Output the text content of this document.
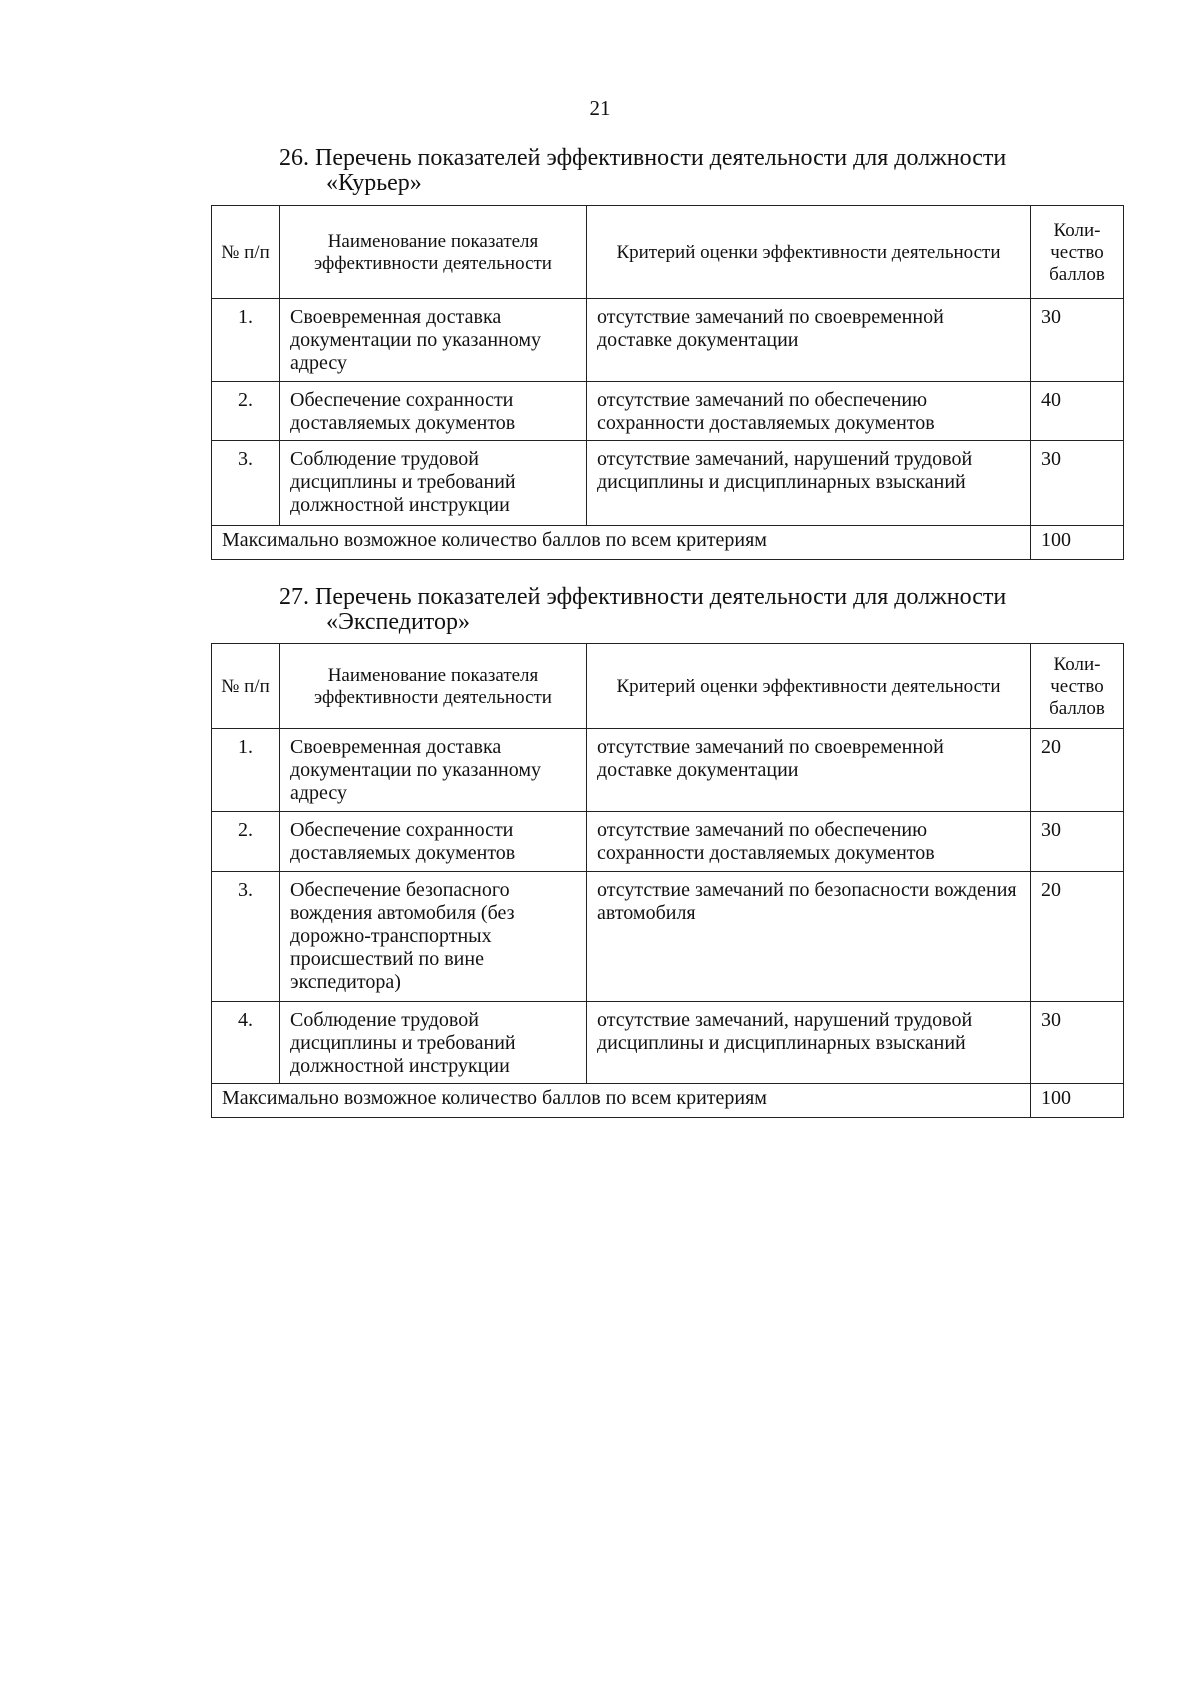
21
26. Перечень показателей эффективности деятельности для должности
«Курьер»
№ п/п	Наименование показателя эффективности деятельности	Критерий оценки эффективности деятельности	Коли-чество баллов
1.	Своевременная доставка документации по указанному адресу	отсутствие замечаний по своевременной доставке документации	30
2.	Обеспечение сохранности доставляемых документов	отсутствие замечаний по обеспечению сохранности доставляемых документов	40
3.	Соблюдение трудовой дисциплины и требований должностной инструкции	отсутствие замечаний, нарушений трудовой дисциплины и дисциплинарных взысканий	30
Максимально возможное количество баллов по всем критериям			100
27. Перечень показателей эффективности деятельности для должности
«Экспедитор»
№ п/п	Наименование показателя эффективности деятельности	Критерий оценки эффективности деятельности	Коли-чество баллов
1.	Своевременная доставка документации по указанному адресу	отсутствие замечаний по своевременной доставке документации	20
2.	Обеспечение сохранности доставляемых документов	отсутствие замечаний по обеспечению сохранности доставляемых документов	30
3.	Обеспечение безопасного вождения автомобиля (без дорожно-транспортных происшествий по вине экспедитора)	отсутствие замечаний по безопасности вождения автомобиля	20
4.	Соблюдение трудовой дисциплины и требований должностной инструкции	отсутствие замечаний, нарушений трудовой дисциплины и дисциплинарных взысканий	30
Максимально возможное количество баллов по всем критериям			100
